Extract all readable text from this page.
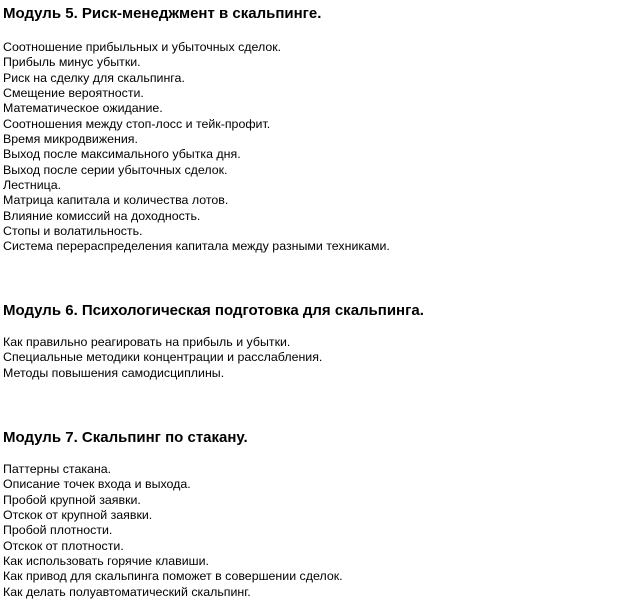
Модуль 5. Риск-менеджмент в скальпинге.
Соотношение прибыльных и убыточных сделок.
Прибыль минус убытки.
Риск на сделку для скальпинга.
Смещение вероятности.
Математическое ожидание.
Соотношения между стоп-лосс и тейк-профит.
Время микродвижения.
Выход после максимального убытка дня.
Выход после серии убыточных сделок.
Лестница.
Матрица капитала и количества лотов.
Влияние комиссий на доходность.
Стопы и волатильность.
Система перераспределения капитала между разными техниками.
Модуль 6. Психологическая подготовка для скальпинга.
Как правильно реагировать на прибыль и убытки.
Специальные методики концентрации и расслабления.
Методы повышения самодисциплины.
Модуль 7. Скальпинг по стакану.
Паттерны стакана.
Описание точек входа и выхода.
Пробой крупной заявки.
Отскок от крупной заявки.
Пробой плотности.
Отскок от плотности.
Как использовать горячие клавиши.
Как привод для скальпинга поможет в совершении сделок.
Как делать полуавтоматический скальпинг.
